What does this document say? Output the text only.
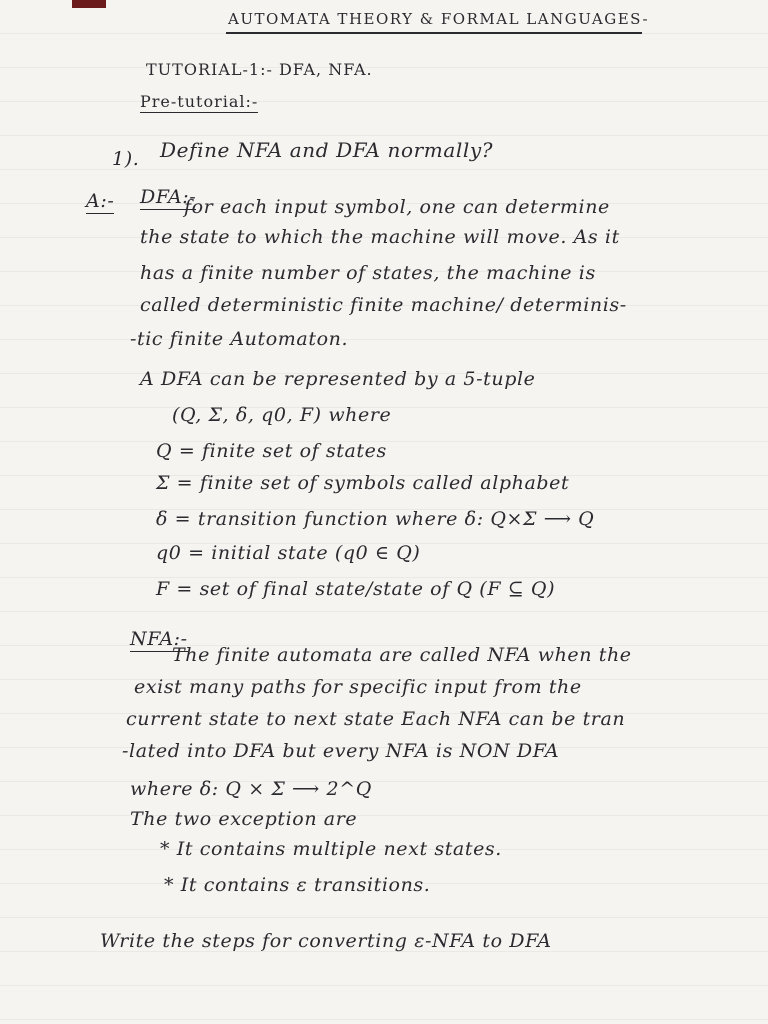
AUTOMATA THEORY & FORMAL LANGUAGES-
TUTORIAL-1:- DFA, NFA.
Pre-tutorial:-
1). Define NFA and DFA normally?
A:- DFA:-
for each input symbol, one can determine
the state to which the machine will move. As it
has a finite number of states, the machine is
called deterministic finite machine/ determinis-
-tic finite Automaton.
A DFA can be represented by a 5-tuple
(Q, Σ, δ, q0, F) where
Q = finite set of states
Σ = finite set of symbols called alphabet
δ = transition function where δ: Q×Σ ⟶ Q
q0 = initial state (q0 ∈ Q)
F = set of final state/state of Q (F ⊆ Q)
NFA:-
The finite automata are called NFA when the
exist many paths for specific input from the
current state to next state Each NFA can be tran
-lated into DFA but every NFA is NON DFA
where δ: Q × Σ ⟶ 2^Q
The two exception are
* It contains multiple next states.
* It contains ε transitions.
Write the steps for converting ε-NFA to DFA
